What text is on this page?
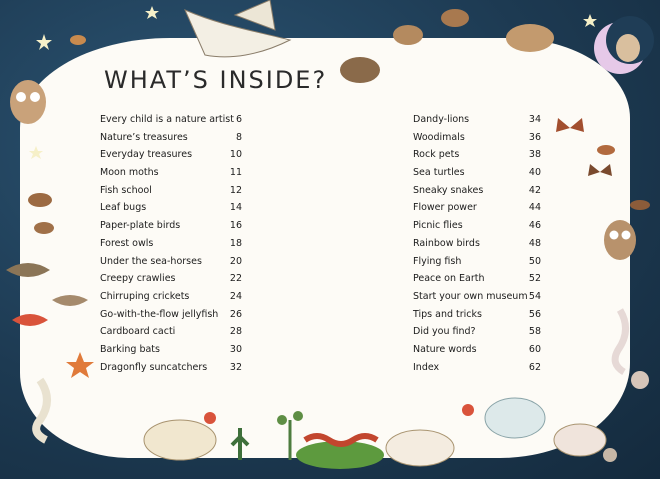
WHAT’S INSIDE?
Every child is a nature artist 6
Nature’s treasures	8
Everyday treasures	10
Moon moths	11
Fish school	12
Leaf bugs	14
Paper-plate birds	16
Forest owls	18
Under the sea-horses	20
Creepy crawlies	22
Chirruping crickets	24
Go-with-the-flow jellyfish 26
Cardboard cacti	28
Barking bats	30
Dragonfly suncatchers 32
Dandy-lions	34
Woodimals	36
Rock pets	38
Sea turtles	40
Sneaky snakes	42
Flower power	44
Picnic flies	46
Rainbow birds	48
Flying fish	50
Peace on Earth	52
Start your own museum 54
Tips and tricks	56
Did you find?	58
Nature words	60
Index	62
